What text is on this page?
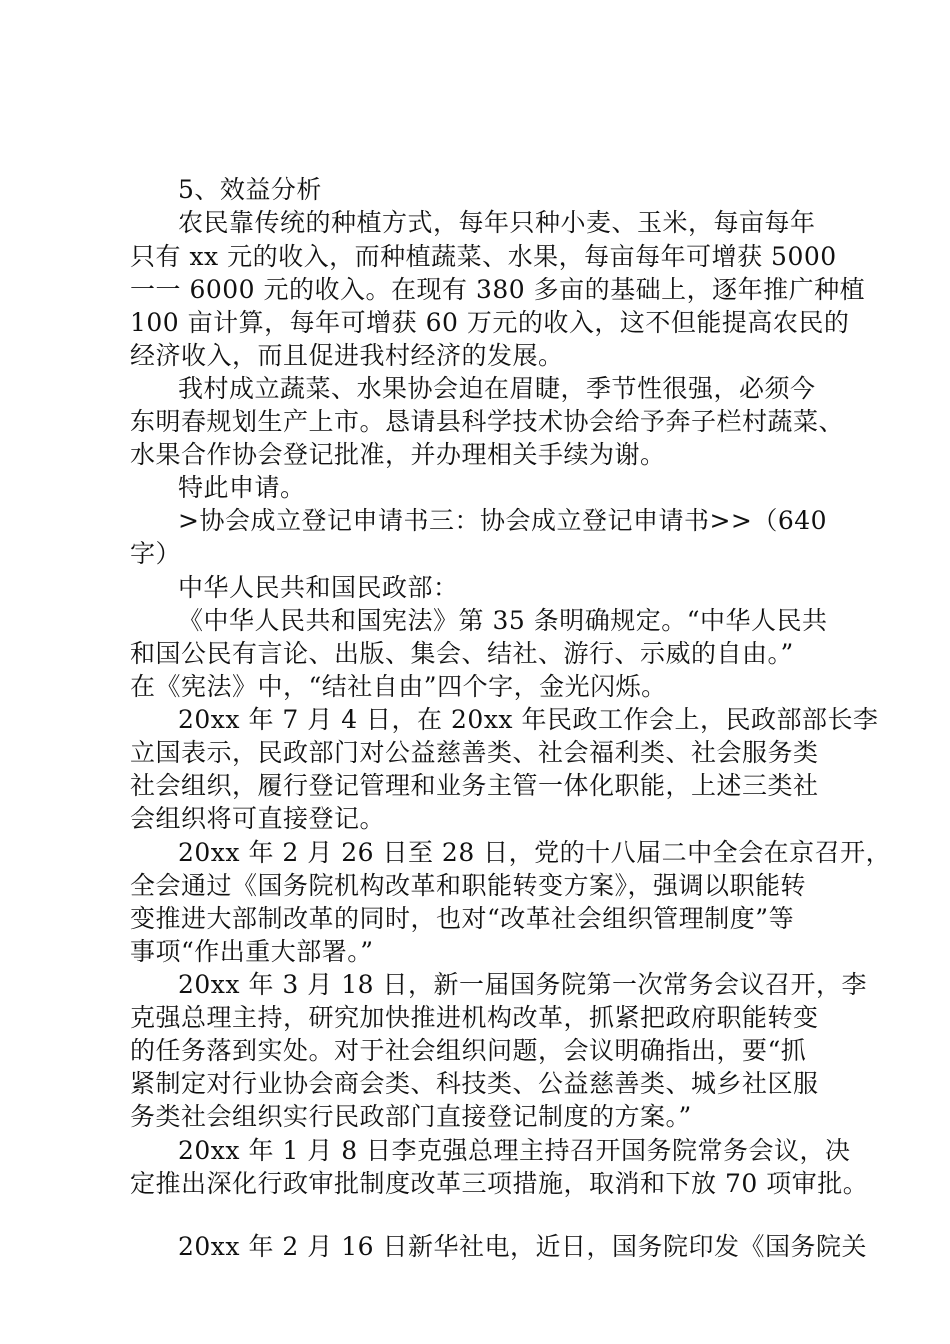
5、效益分析
农民靠传统的种植方式，每年只种小麦、玉米，每亩每年
只有 xx 元的收入，而种植蔬菜、水果，每亩每年可增获 5000
一一 6000 元的收入。在现有 380 多亩的基础上，逐年推广种植
100 亩计算，每年可增获 60 万元的收入，这不但能提高农民的
经济收入，而且促进我村经济的发展。
我村成立蔬菜、水果协会迫在眉睫，季节性很强，必须今
东明春规划生产上市。恳请县科学技术协会给予奔子栏村蔬菜、
水果合作协会登记批准，并办理相关手续为谢。
特此申请。
>协会成立登记申请书三：协会成立登记申请书>>（640
字）
中华人民共和国民政部：
《中华人民共和国宪法》第 35 条明确规定。“中华人民共
和国公民有言论、出版、集会、结社、游行、示威的自由。”
在《宪法》中，“结社自由”四个字，金光闪烁。
20xx 年 7 月 4 日，在 20xx 年民政工作会上，民政部部长李
立国表示，民政部门对公益慈善类、社会福利类、社会服务类
社会组织，履行登记管理和业务主管一体化职能，上述三类社
会组织将可直接登记。
20xx 年 2 月 26 日至 28 日，党的十八届二中全会在京召开，
全会通过《国务院机构改革和职能转变方案》，强调以职能转
变推进大部制改革的同时，也对“改革社会组织管理制度”等
事项“作出重大部署。”
20xx 年 3 月 18 日，新一届国务院第一次常务会议召开，李
克强总理主持，研究加快推进机构改革，抓紧把政府职能转变
的任务落到实处。对于社会组织问题，会议明确指出，要“抓
紧制定对行业协会商会类、科技类、公益慈善类、城乡社区服
务类社会组织实行民政部门直接登记制度的方案。”
20xx 年 1 月 8 日李克强总理主持召开国务院常务会议，决
定推出深化行政审批制度改革三项措施，取消和下放 70 项审批。
20xx 年 2 月 16 日新华社电，近日，国务院印发《国务院关
